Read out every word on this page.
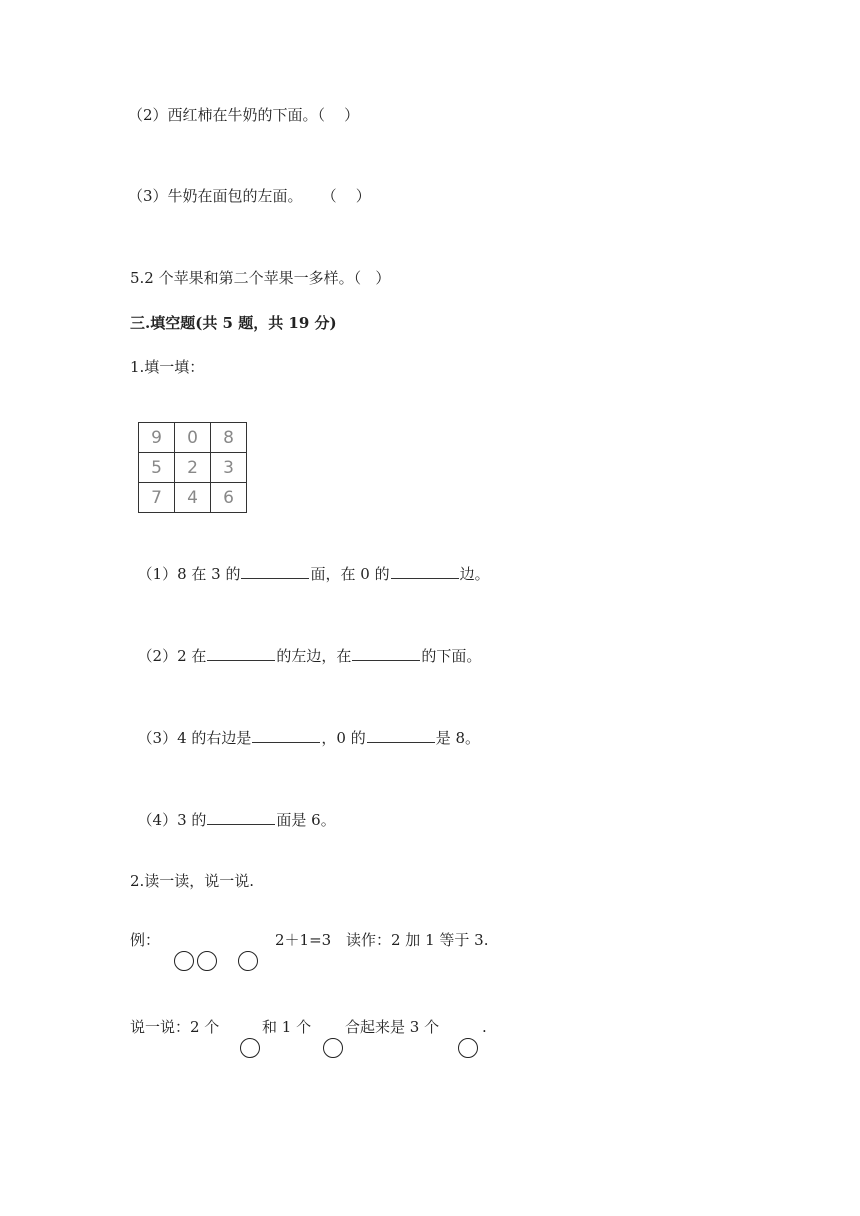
（2）西红柿在牛奶的下面。（    ）
（3）牛奶在面包的左面。    （    ）
5.2 个苹果和第二个苹果一多样。（   ）
三.填空题(共 5 题，共 19 分)
1.填一填：
9	0	8
5	2	3
7	4	6

（1）8 在 3 的	面，在 0 的	边。

（2）2 在	的左边，在	的下面。

（3）4 的右边是	，0 的	是 8。

（4）3 的	面是 6。

2.读一读，说一说.
例：	2＋1=3 读作：2 加 1 等于 3.
说一说：2 个	和 1 个 合起来是 3 个	.
